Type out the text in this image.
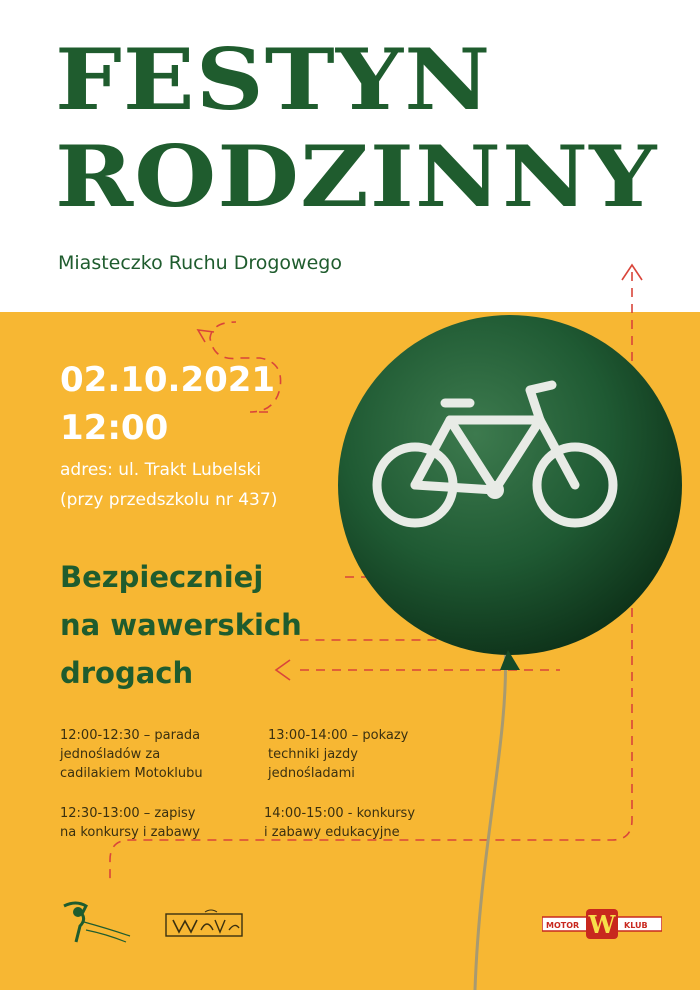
FESTYN
RODZINNY

Miasteczko Ruchu Drogowego

02.10.2021

12:00

adres: ul. Trakt Lubelski

(przy przedszkolu nr 437)

Bezpieczniej

na wawerskich

drogach

12:00-12:30 – parada
jednośladów za
cadilakiem Motoklubu

13:00-14:00 – pokazy
techniki jazdy
jednośladami

12:30-13:00 – zapisy
na konkursy i zabawy

14:00-15:00 - konkursy
i zabawy edukacyjne

W
MOTOR	KLUB
